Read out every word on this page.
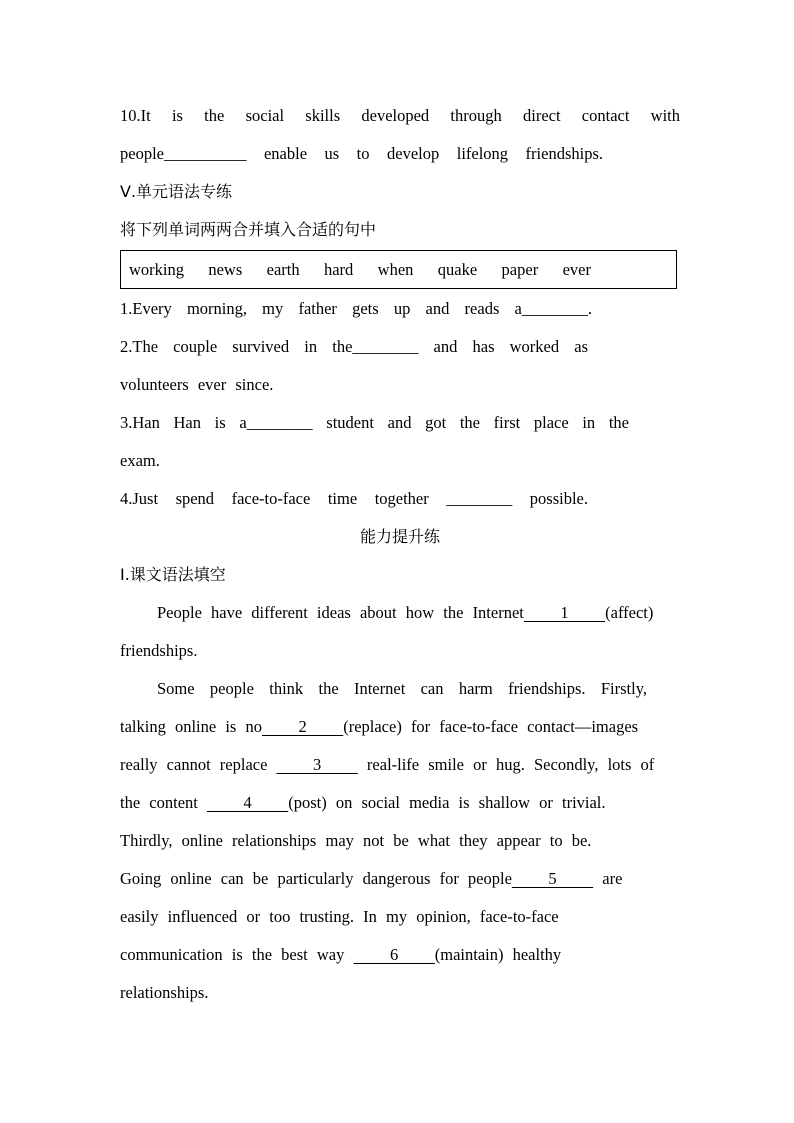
10.It is the social skills developed through direct contact with
people__________ enable us to develop lifelong friendships.
Ⅴ.单元语法专练
将下列单词两两合并填入合适的句中
working news earth hard when quake paper ever
1.Every morning, my father gets up and reads a________.
2.The couple survived in the________ and has worked as
volunteers ever since.
3.Han Han is a________ student and got the first place in the
exam.
4.Just spend face-to-face time together ________ possible.
能力提升练
Ⅰ.课文语法填空
People have different ideas about how the Internet    1    (affect)
friendships.
Some people think the Internet can harm friendships. Firstly,
talking online is no    2    (replace) for face-to-face contact—images
really cannot replace     3     real-life smile or hug. Secondly, lots of
the content     4    (post) on social media is shallow or trivial.
Thirdly, online relationships may not be what they appear to be.
Going online can be particularly dangerous for people    5     are
easily influenced or too trusting. In my opinion, face-to-face
communication is the best way     6    (maintain) healthy
relationships.
